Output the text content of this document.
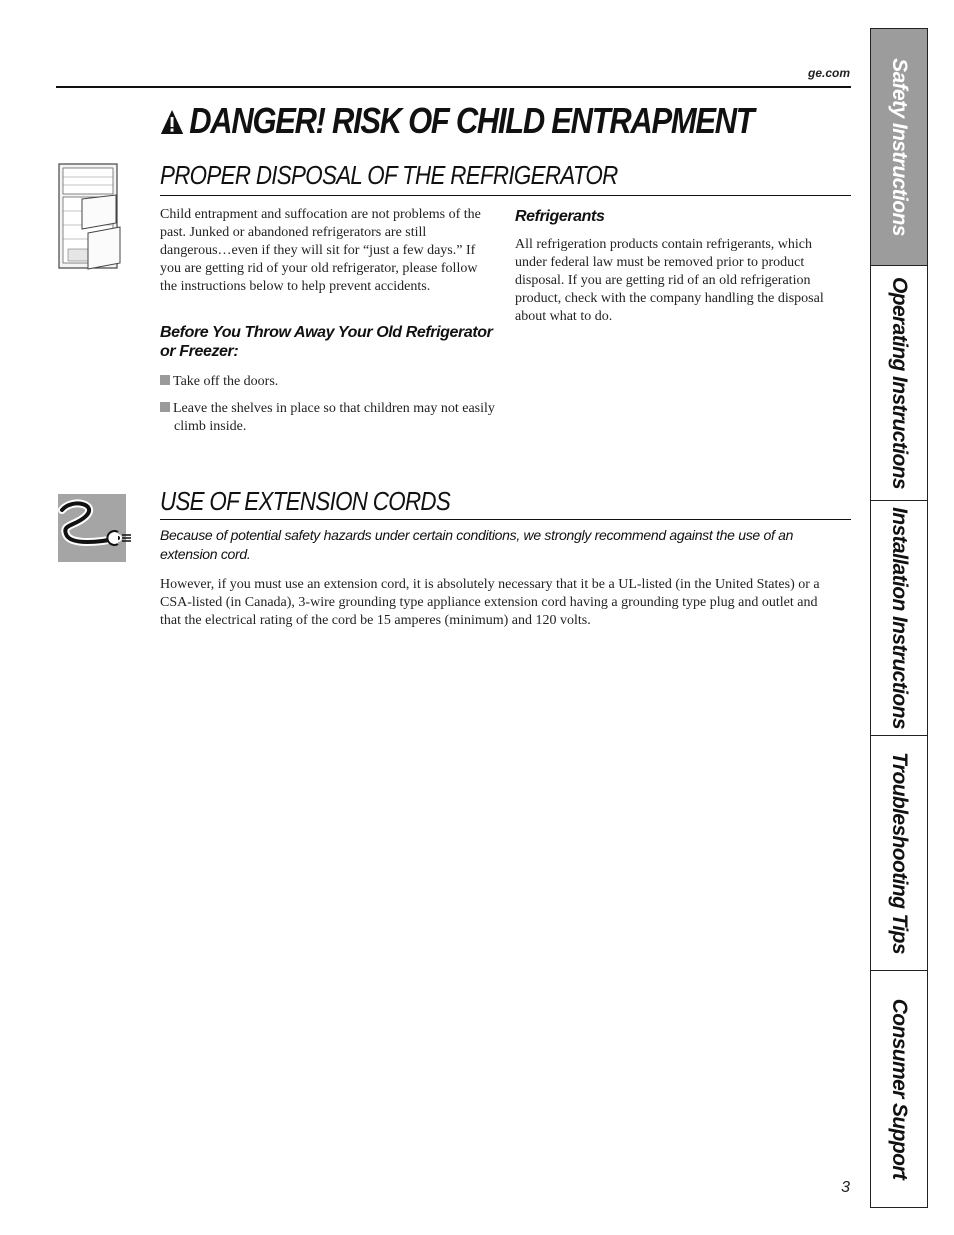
ge.com
DANGER! RISK OF CHILD ENTRAPMENT
PROPER DISPOSAL OF THE REFRIGERATOR
Child entrapment and suffocation are not problems of the past. Junked or abandoned refrigerators are still dangerous…even if they will sit for “just a few days.” If you are getting rid of your old refrigerator, please follow the instructions below to help prevent accidents.
Before You Throw Away Your Old Refrigerator or Freezer:
Take off the doors.
Leave the shelves in place so that children may not easily climb inside.
Refrigerants
All refrigeration products contain refrigerants, which under federal law must be removed prior to product disposal. If you are getting rid of an old refrigeration product, check with the company handling the disposal about what to do.
USE OF EXTENSION CORDS
Because of potential safety hazards under certain conditions, we strongly recommend against the use of an extension cord.
However, if you must use an extension cord, it is absolutely necessary that it be a UL-listed (in the United States) or a CSA-listed (in Canada), 3-wire grounding type appliance extension cord having a grounding type plug and outlet and that the electrical rating of the cord be 15 amperes (minimum) and 120 volts.
Safety Instructions
Operating Instructions
Installation Instructions
Troubleshooting Tips
Consumer Support
3
